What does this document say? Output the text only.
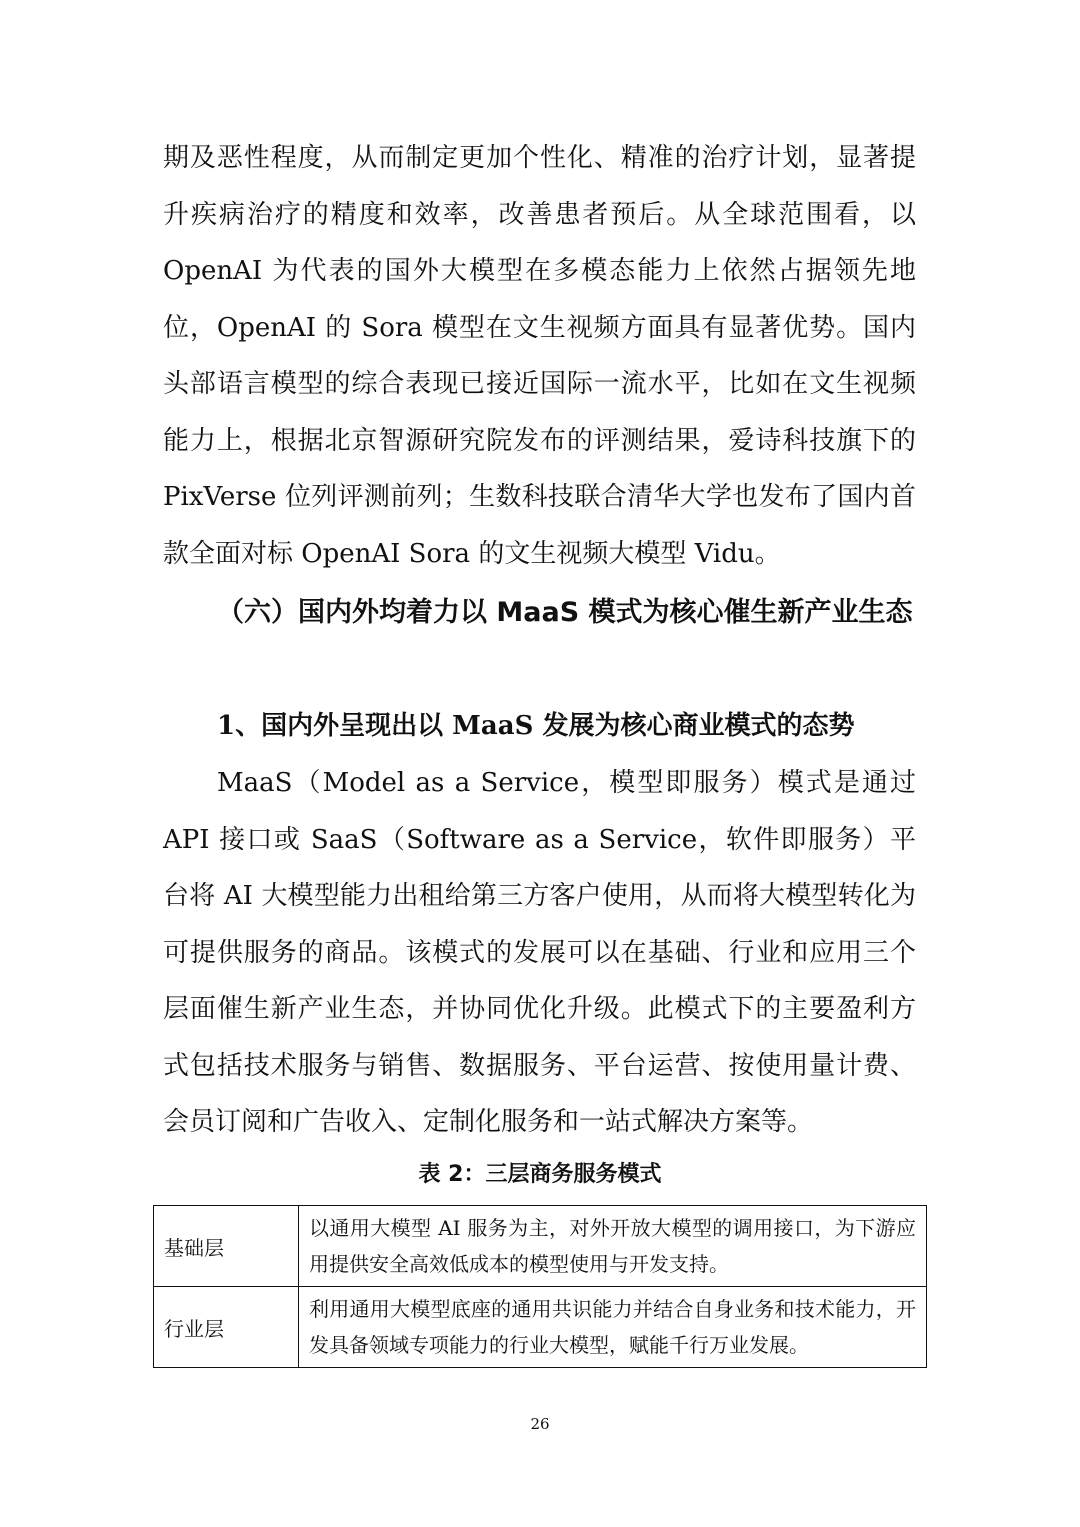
期及恶性程度，从而制定更加个性化、精准的治疗计划，显著提升疾病治疗的精度和效率，改善患者预后。从全球范围看，以OpenAI 为代表的国外大模型在多模态能力上依然占据领先地位，OpenAI 的 Sora 模型在文生视频方面具有显著优势。国内头部语言模型的综合表现已接近国际一流水平，比如在文生视频能力上，根据北京智源研究院发布的评测结果，爱诗科技旗下的PixVerse 位列评测前列；生数科技联合清华大学也发布了国内首款全面对标 OpenAI Sora 的文生视频大模型 Vidu。

（六）国内外均着力以 MaaS 模式为核心催生新产业生态
1、国内外呈现出以 MaaS 发展为核心商业模式的态势

MaaS（Model as a Service，模型即服务）模式是通过 API 接口或 SaaS（Software as a Service，软件即服务）平台将 AI 大模型能力出租给第三方客户使用，从而将大模型转化为可提供服务的商品。该模式的发展可以在基础、行业和应用三个层面催生新产业生态，并协同优化升级。此模式下的主要盈利方式包括技术服务与销售、数据服务、平台运营、按使用量计费、会员订阅和广告收入、定制化服务和一站式解决方案等。

表 2：三层商务服务模式

基础层	以通用大模型 AI 服务为主，对外开放大模型的调用接口，为下游应用提供安全高效低成本的模型使用与开发支持。
行业层	利用通用大模型底座的通用共识能力并结合自身业务和技术能力，开发具备领域专项能力的行业大模型，赋能千行万业发展。
26
